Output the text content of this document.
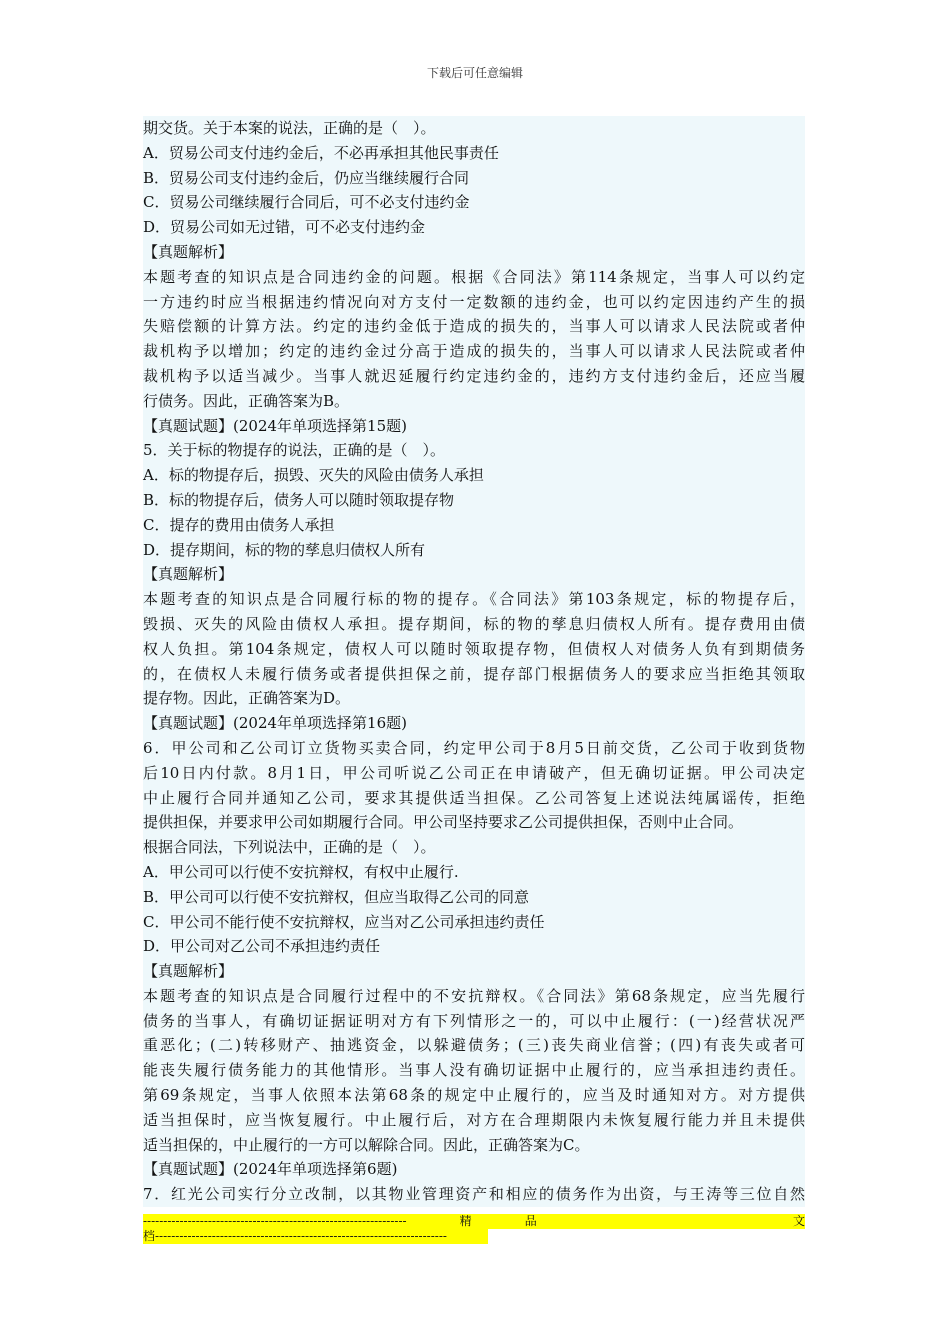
下载后可任意编辑
期交货。关于本案的说法，正确的是（　）。
A．贸易公司支付违约金后，不必再承担其他民事责任
B．贸易公司支付违约金后，仍应当继续履行合同
C．贸易公司继续履行合同后，可不必支付违约金
D．贸易公司如无过错，可不必支付违约金
【真题解析】
本题考查的知识点是合同违约金的问题。根据《合同法》第114条规定，当事人可以约定
一方违约时应当根据违约情况向对方支付一定数额的违约金，也可以约定因违约产生的损
失赔偿额的计算方法。约定的违约金低于造成的损失的，当事人可以请求人民法院或者仲
裁机构予以增加；约定的违约金过分高于造成的损失的，当事人可以请求人民法院或者仲
裁机构予以适当减少。当事人就迟延履行约定违约金的，违约方支付违约金后，还应当履
行债务。因此，正确答案为B。
【真题试题】(2024年单项选择第15题)
5．关于标的物提存的说法，正确的是（　）。
A．标的物提存后，损毁、灭失的风险由债务人承担
B．标的物提存后，债务人可以随时领取提存物
C．提存的费用由债务人承担
D．提存期间，标的物的孳息归债权人所有
【真题解析】
本题考查的知识点是合同履行标的物的提存。《合同法》第103条规定，标的物提存后，
毁损、灭失的风险由债权人承担。提存期间，标的物的孳息归债权人所有。提存费用由债
权人负担。第104条规定，债权人可以随时领取提存物，但债权人对债务人负有到期债务
的，在债权人未履行债务或者提供担保之前，提存部门根据债务人的要求应当拒绝其领取
提存物。因此，正确答案为D。
【真题试题】(2024年单项选择第16题)
6．甲公司和乙公司订立货物买卖合同，约定甲公司于8月5日前交货，乙公司于收到货物
后10日内付款。8月1日，甲公司听说乙公司正在申请破产，但无确切证据。甲公司决定
中止履行合同并通知乙公司，要求其提供适当担保。乙公司答复上述说法纯属谣传，拒绝
提供担保，并要求甲公司如期履行合同。甲公司坚持要求乙公司提供担保，否则中止合同。
根据合同法，下列说法中，正确的是（　）。
A．甲公司可以行使不安抗辩权，有权中止履行.
B．甲公司可以行使不安抗辩权，但应当取得乙公司的同意
C．甲公司不能行使不安抗辩权，应当对乙公司承担违约责任
D．甲公司对乙公司不承担违约责任
【真题解析】
本题考查的知识点是合同履行过程中的不安抗辩权。《合同法》第68条规定，应当先履行
债务的当事人，有确切证据证明对方有下列情形之一的，可以中止履行：(一)经营状况严
重恶化；(二)转移财产、抽逃资金，以躲避债务；(三)丧失商业信誉；(四)有丧失或者可
能丧失履行债务能力的其他情形。当事人没有确切证据中止履行的，应当承担违约责任。
第69条规定，当事人依照本法第68条的规定中止履行的，应当及时通知对方。对方提供
适当担保时，应当恢复履行。中止履行后，对方在合理期限内未恢复履行能力并且未提供
适当担保的，中止履行的一方可以解除合同。因此，正确答案为C。
【真题试题】(2024年单项选择第6题)
7．红光公司实行分立改制，以其物业管理资产和相应的债务作为出资，与王涛等三位自然
-----------------------------------------------------------------	精	品	文
档------------------------------------------------------------------------
